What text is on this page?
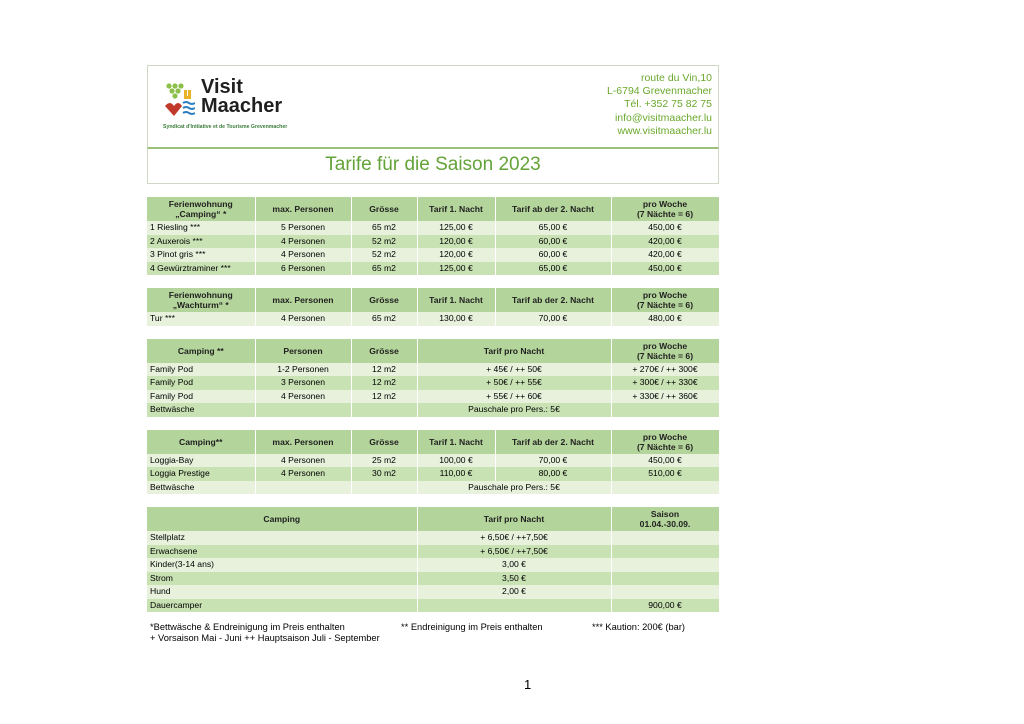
Visit
Maacher
Syndicat d'Initiative et de Tourisme Grevenmacher
route du Vin,10
L-6794 Grevenmacher
Tél. +352 75 82 75
info@visitmaacher.lu
www.visitmaacher.lu
Tarife für die Saison 2023
Ferienwohnung
„Camping“ *	max. Personen	Grösse	Tarif 1. Nacht	Tarif ab der 2. Nacht	pro Woche
(7 Nächte = 6)
1 Riesling ***	5 Personen	65 m2	125,00 €	65,00 €	450,00 €
2 Auxerois ***	4 Personen	52 m2	120,00 €	60,00 €	420,00 €
3 Pinot gris ***	4 Personen	52 m2	120,00 €	60,00 €	420,00 €
4 Gewürztraminer ***	6 Personen	65 m2	125,00 €	65,00 €	450,00 €
Ferienwohnung
„Wachturm“ *	max. Personen	Grösse	Tarif 1. Nacht	Tarif ab der 2. Nacht	pro Woche
(7 Nächte = 6)
Tur ***	4 Personen	65 m2	130,00 €	70,00 €	480,00 €
Camping **	Personen	Grösse	Tarif pro Nacht	pro Woche
(7 Nächte = 6)
Family Pod	1-2 Personen	12 m2	+ 45€ / ++ 50€	+ 270€ / ++ 300€
Family Pod	3 Personen	12 m2	+ 50€ / ++ 55€	+ 300€ / ++ 330€
Family Pod	4 Personen	12 m2	+ 55€ / ++ 60€	+ 330€ / ++ 360€
Bettwäsche			Pauschale pro Pers.: 5€	
Camping**	max. Personen	Grösse	Tarif 1. Nacht	Tarif ab der 2. Nacht	pro Woche
(7 Nächte = 6)
Loggia-Bay	4 Personen	25 m2	100,00 €	70,00 €	450,00 €
Loggia Prestige	4 Personen	30 m2	110,00 €	80,00 €	510,00 €
Bettwäsche			Pauschale pro Pers.: 5€		
Camping	Tarif pro Nacht	Saison
01.04.-30.09.
Stellplatz	+ 6,50€ / ++7,50€	
Erwachsene	+ 6,50€ / ++7,50€	
Kinder(3-14 ans)	3,00 €	
Strom	3,50 €	
Hund	2,00 €	
Dauercamper		900,00 €
*Bettwäsche & Endreinigung im Preis enthalten	** Endreinigung im Preis enthalten	*** Kaution: 200€ (bar)
+ Vorsaison Mai - Juni ++ Hauptsaison Juli - September
1
